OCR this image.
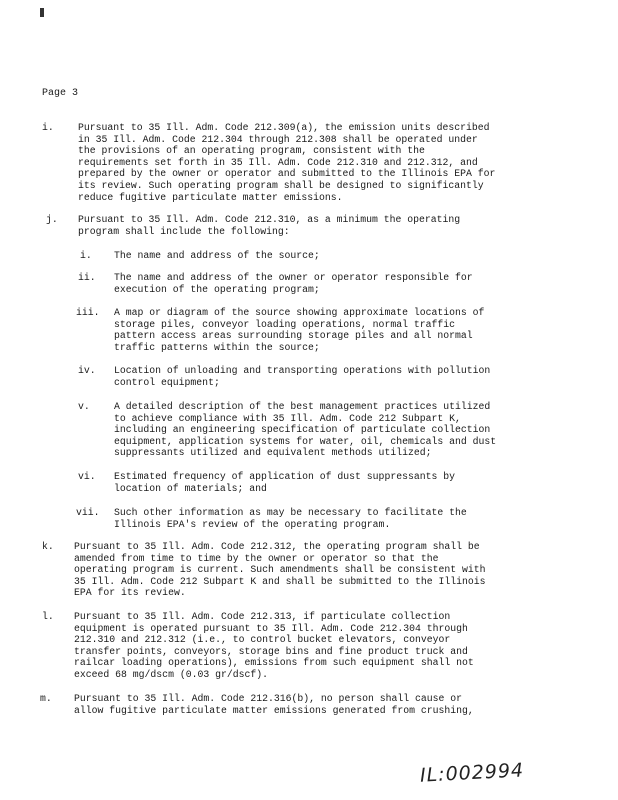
Page 3
i. Pursuant to 35 Ill. Adm. Code 212.309(a), the emission units described
in 35 Ill. Adm. Code 212.304 through 212.308 shall be operated under
the provisions of an operating program, consistent with the
requirements set forth in 35 Ill. Adm. Code 212.310 and 212.312, and
prepared by the owner or operator and submitted to the Illinois EPA for
its review. Such operating program shall be designed to significantly
reduce fugitive particulate matter emissions.
j. Pursuant to 35 Ill. Adm. Code 212.310, as a minimum the operating
program shall include the following:
i. The name and address of the source;
ii. The name and address of the owner or operator responsible for
execution of the operating program;
iii. A map or diagram of the source showing approximate locations of
storage piles, conveyor loading operations, normal traffic
pattern access areas surrounding storage piles and all normal
traffic patterns within the source;
iv. Location of unloading and transporting operations with pollution
control equipment;
v. A detailed description of the best management practices utilized
to achieve compliance with 35 Ill. Adm. Code 212 Subpart K,
including an engineering specification of particulate collection
equipment, application systems for water, oil, chemicals and dust
suppressants utilized and equivalent methods utilized;
vi. Estimated frequency of application of dust suppressants by
location of materials; and
vii. Such other information as may be necessary to facilitate the
Illinois EPA's review of the operating program.
k. Pursuant to 35 Ill. Adm. Code 212.312, the operating program shall be
amended from time to time by the owner or operator so that the
operating program is current. Such amendments shall be consistent with
35 Ill. Adm. Code 212 Subpart K and shall be submitted to the Illinois
EPA for its review.
l. Pursuant to 35 Ill. Adm. Code 212.313, if particulate collection
equipment is operated pursuant to 35 Ill. Adm. Code 212.304 through
212.310 and 212.312 (i.e., to control bucket elevators, conveyor
transfer points, conveyors, storage bins and fine product truck and
railcar loading operations), emissions from such equipment shall not
exceed 68 mg/dscm (0.03 gr/dscf).
m. Pursuant to 35 Ill. Adm. Code 212.316(b), no person shall cause or
allow fugitive particulate matter emissions generated from crushing,
IL:002994
